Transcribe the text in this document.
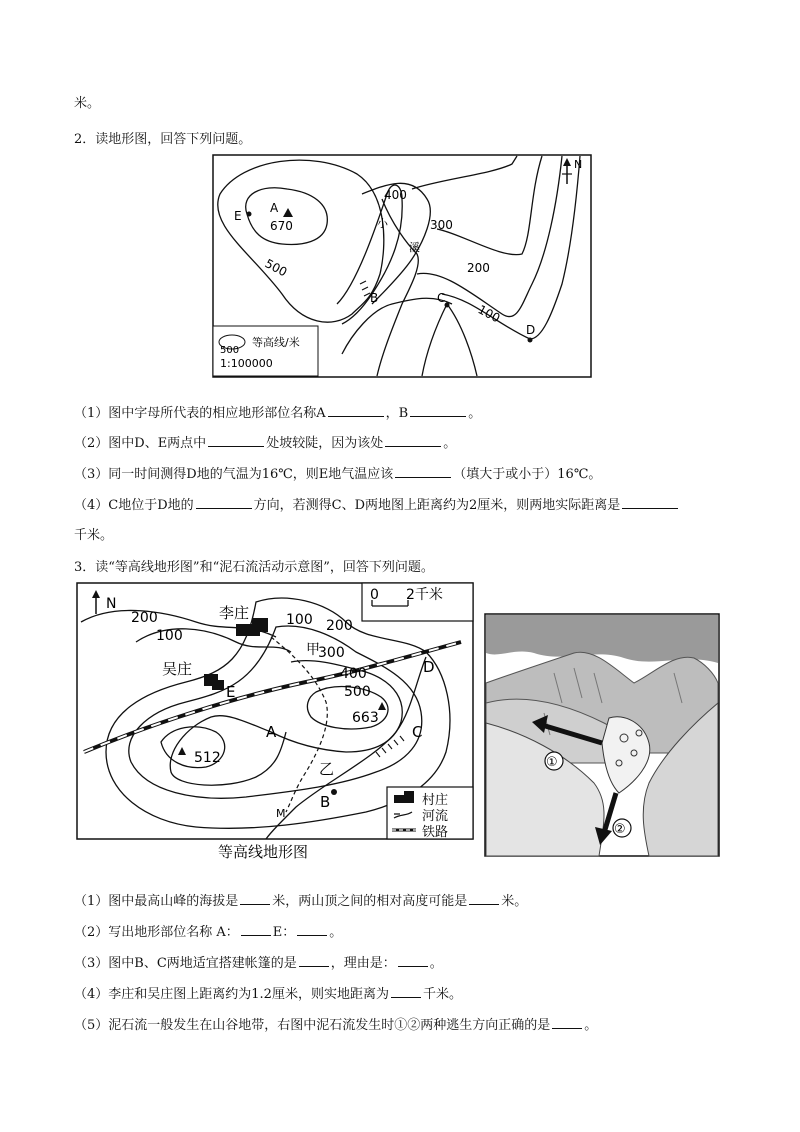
米。
2．读地形图，回答下列问题。
N
A
670
E
B	C
D
500
400
300
200
100
小
溪
500
等高线/米
1:100000
（1）图中字母所代表的相应地形部位名称A	，B	。
（2）图中D、E两点中	处坡较陡，因为该处	。
（3）同一时间测得D地的气温为16℃，则E地气温应该	（填大于或小于）16℃。
（4）C地位于D地的	方向，若测得C、D两地图上距离约为2厘米，则两地实际距离是
千米。
3．读“等高线地形图”和“泥石流活动示意图”，回答下列问题。
N
0 2千米
李庄
吴庄
200
100
100 200
300
400
500
甲
663
512
A
B
C
D
E
乙
M
村庄
河流
铁路
等高线地形图
①
②
（1）图中最高山峰的海拔是	米，两山顶之间的相对高度可能是	米。
（2）写出地形部位名称 A：	E：	。
（3）图中B、C两地适宜搭建帐篷的是	，理由是：	。
（4）李庄和吴庄图上距离约为1.2厘米，则实地距离为	千米。
（5）泥石流一般发生在山谷地带，右图中泥石流发生时①②两种逃生方向正确的是	。
